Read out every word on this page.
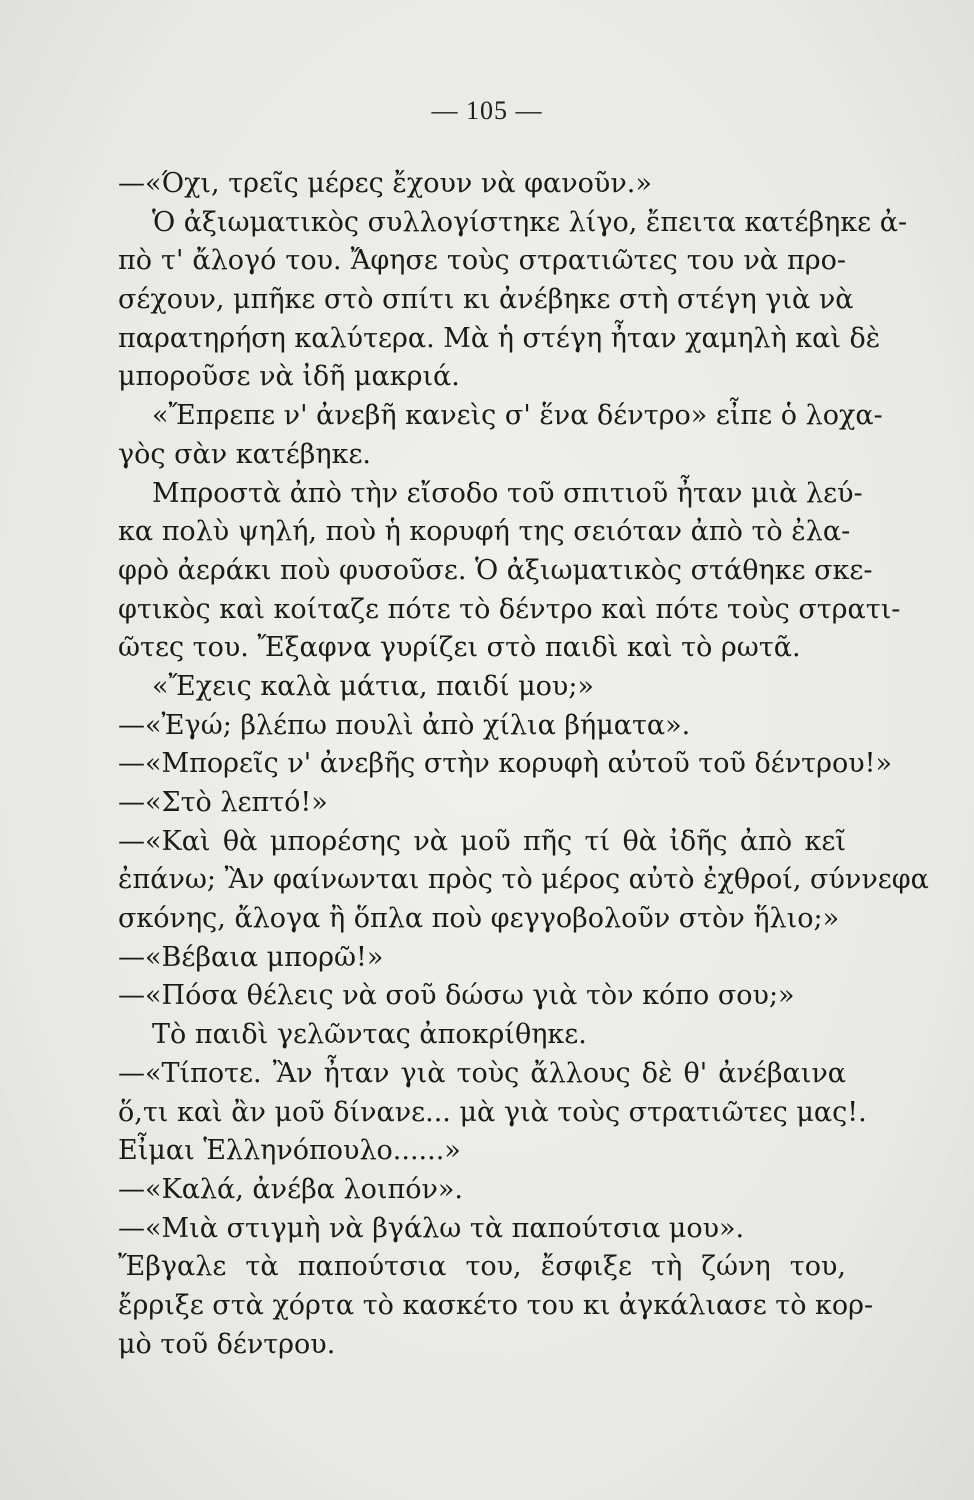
— 105 —
—«Όχι, τρεῖς μέρες ἔχουν νὰ φανοῦν.»
Ὁ ἀξιωματικὸς συλλογίστηκε λίγο, ἔπειτα κατέβηκε ἀ-
πὸ τ' ἄλογό του. Ἄφησε τοὺς στρατιῶτες του νὰ προ-
σέχουν, μπῆκε στὸ σπίτι κι ἀνέβηκε στὴ στέγη γιὰ νὰ
παρατηρήση καλύτερα. Μὰ ἡ στέγη ἦταν χαμηλὴ καὶ δὲ
μποροῦσε νὰ ἰδῆ μακριά.
«Ἔπρεπε ν' ἀνεβῆ κανεὶς σ' ἕνα δέντρο» εἶπε ὁ λοχα-
γὸς σὰν κατέβηκε.
Μπροστὰ ἀπὸ τὴν εἴσοδο τοῦ σπιτιοῦ ἦταν μιὰ λεύ-
κα πολὺ ψηλή, ποὺ ἡ κορυφή της σειόταν ἀπὸ τὸ ἐλα-
φρὸ ἀεράκι ποὺ φυσοῦσε. Ὁ ἀξιωματικὸς στάθηκε σκε-
φτικὸς καὶ κοίταζε πότε τὸ δέντρο καὶ πότε τοὺς στρατι-
ῶτες του. Ἔξαφνα γυρίζει στὸ παιδὶ καὶ τὸ ρωτᾶ.
«Ἔχεις καλὰ μάτια, παιδί μου;»
—«Ἐγώ; βλέπω πουλὶ ἀπὸ χίλια βήματα».
—«Μπορεῖς ν' ἀνεβῆς στὴν κορυφὴ αὐτοῦ τοῦ δέντρου!»
—«Στὸ λεπτό!»
—«Καὶ θὰ μπορέσης νὰ μοῦ πῆς τί θὰ ἰδῆς ἀπὸ κεῖ
ἐπάνω; Ἂν φαίνωνται πρὸς τὸ μέρος αὐτὸ ἐχθροί, σύννεφα
σκόνης, ἄλογα ἢ ὅπλα ποὺ φεγγοβολοῦν στὸν ἥλιο;»
—«Βέβαια μπορῶ!»
—«Πόσα θέλεις νὰ σοῦ δώσω γιὰ τὸν κόπο σου;»
Τὸ παιδὶ γελῶντας ἀποκρίθηκε.
—«Τίποτε. Ἂν ἦταν γιὰ τοὺς ἄλλους δὲ θ' ἀνέβαινα
ὅ,τι καὶ ἂν μοῦ δίνανε... μὰ γιὰ τοὺς στρατιῶτες μας!.
Εἶμαι Ἑλληνόπουλο......»
—«Καλά, ἀνέβα λοιπόν».
—«Μιὰ στιγμὴ νὰ βγάλω τὰ παπούτσια μου».
Ἔβγαλε τὰ παπούτσια του, ἔσφιξε τὴ ζώνη του,
ἔρριξε στὰ χόρτα τὸ κασκέτο του κι ἀγκάλιασε τὸ κορ-
μὸ τοῦ δέντρου.
